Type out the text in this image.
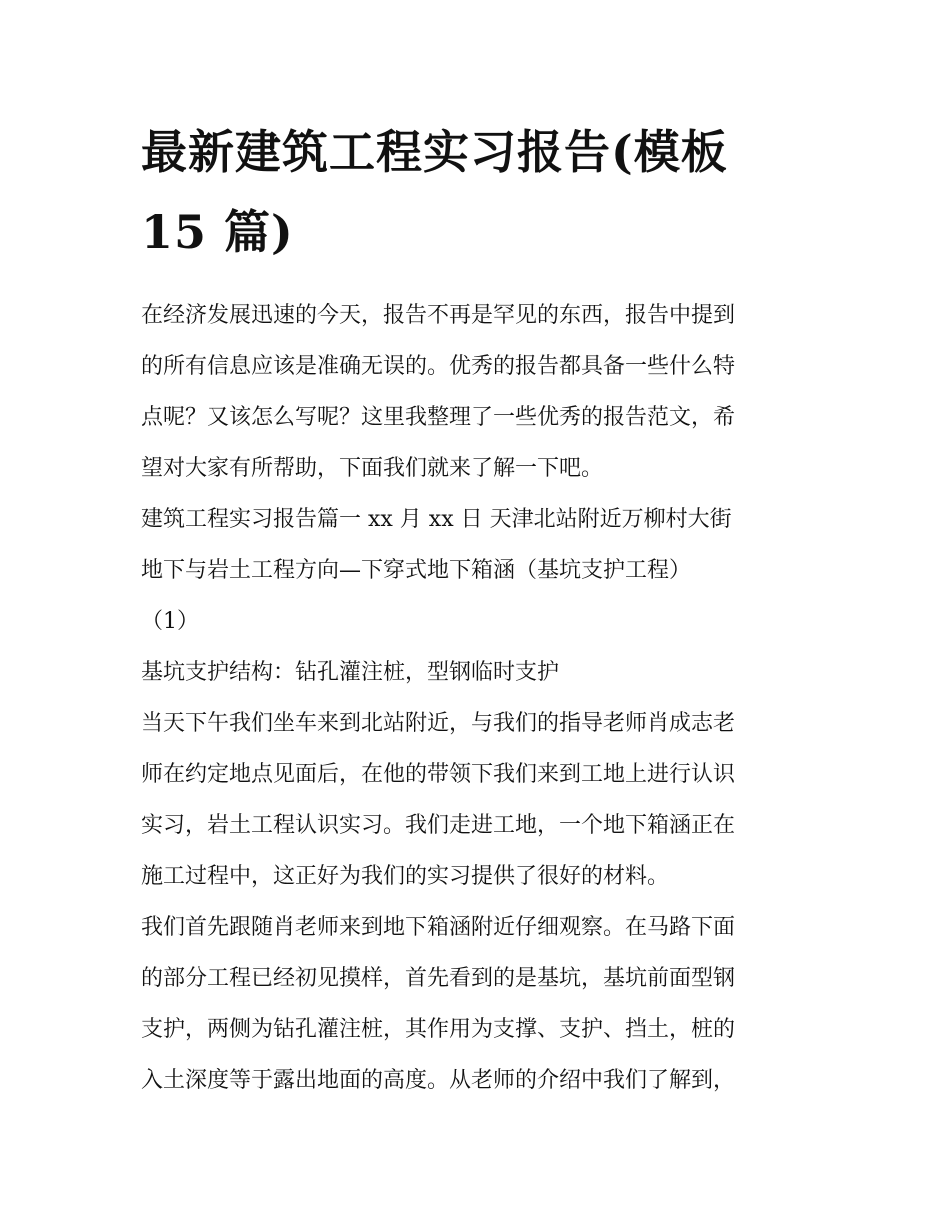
最新建筑工程实习报告(模板
15 篇)

在经济发展迅速的今天，报告不再是罕见的东西，报告中提到
的所有信息应该是准确无误的。优秀的报告都具备一些什么特
点呢？又该怎么写呢？这里我整理了一些优秀的报告范文，希
望对大家有所帮助，下面我们就来了解一下吧。

建筑工程实习报告篇一 xx 月 xx 日 天津北站附近万柳村大街

地下与岩土工程方向—下穿式地下箱涵（基坑支护工程）

（1）

基坑支护结构：钻孔灌注桩，型钢临时支护

当天下午我们坐车来到北站附近，与我们的指导老师肖成志老
师在约定地点见面后，在他的带领下我们来到工地上进行认识
实习，岩土工程认识实习。我们走进工地，一个地下箱涵正在
施工过程中，这正好为我们的实习提供了很好的材料。

我们首先跟随肖老师来到地下箱涵附近仔细观察。在马路下面
的部分工程已经初见摸样，首先看到的是基坑，基坑前面型钢
支护，两侧为钻孔灌注桩，其作用为支撑、支护、挡土，桩的
入土深度等于露出地面的高度。从老师的介绍中我们了解到，
